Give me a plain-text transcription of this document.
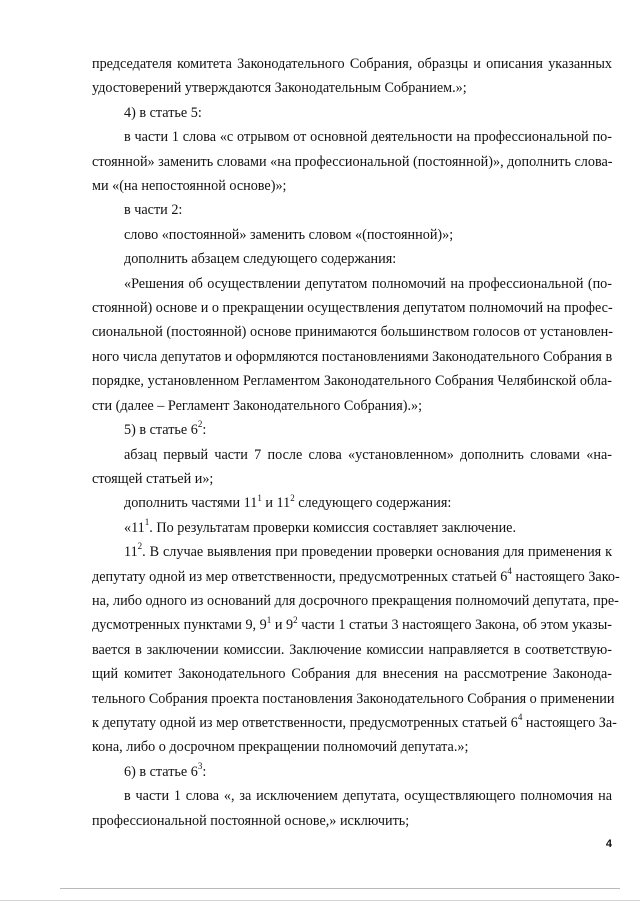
председателя комитета Законодательного Собрания, образцы и описания указанных
удостоверений утверждаются Законодательным Собранием.»;
4) в статье 5:
в части 1 слова «с отрывом от основной деятельности на профессиональной по-
стоянной» заменить словами «на профессиональной (постоянной)», дополнить слова-
ми «(на непостоянной основе)»;
в части 2:
слово «постоянной» заменить словом «(постоянной)»;
дополнить абзацем следующего содержания:
«Решения об осуществлении депутатом полномочий на профессиональной (по-
стоянной) основе и о прекращении осуществления депутатом полномочий на профес-
сиональной (постоянной) основе принимаются большинством голосов от установлен-
ного числа депутатов и оформляются постановлениями Законодательного Собрания в
порядке, установленном Регламентом Законодательного Собрания Челябинской обла-
сти (далее – Регламент Законодательного Собрания).»;
5) в статье $6^2$:
абзац первый части 7 после слова «установленном» дополнить словами «на-
стоящей статьей и»;
дополнить частями $11^1$ и $11^2$ следующего содержания:
«$11^1$. По результатам проверки комиссия составляет заключение.
$11^2$. В случае выявления при проведении проверки основания для применения к
депутату одной из мер ответственности, предусмотренных статьей $6^4$ настоящего Зако-
на, либо одного из оснований для досрочного прекращения полномочий депутата, пре-
дусмотренных пунктами 9, $9^1$ и $9^2$ части 1 статьи 3 настоящего Закона, об этом указы-
вается в заключении комиссии. Заключение комиссии направляется в соответствую-
щий комитет Законодательного Собрания для внесения на рассмотрение Законода-
тельного Собрания проекта постановления Законодательного Собрания о применении
к депутату одной из мер ответственности, предусмотренных статьей $6^4$ настоящего За-
кона, либо о досрочном прекращении полномочий депутата.»;
6) в статье $6^3$:
в части 1 слова «, за исключением депутата, осуществляющего полномочия на
профессиональной постоянной основе,» исключить;
4
